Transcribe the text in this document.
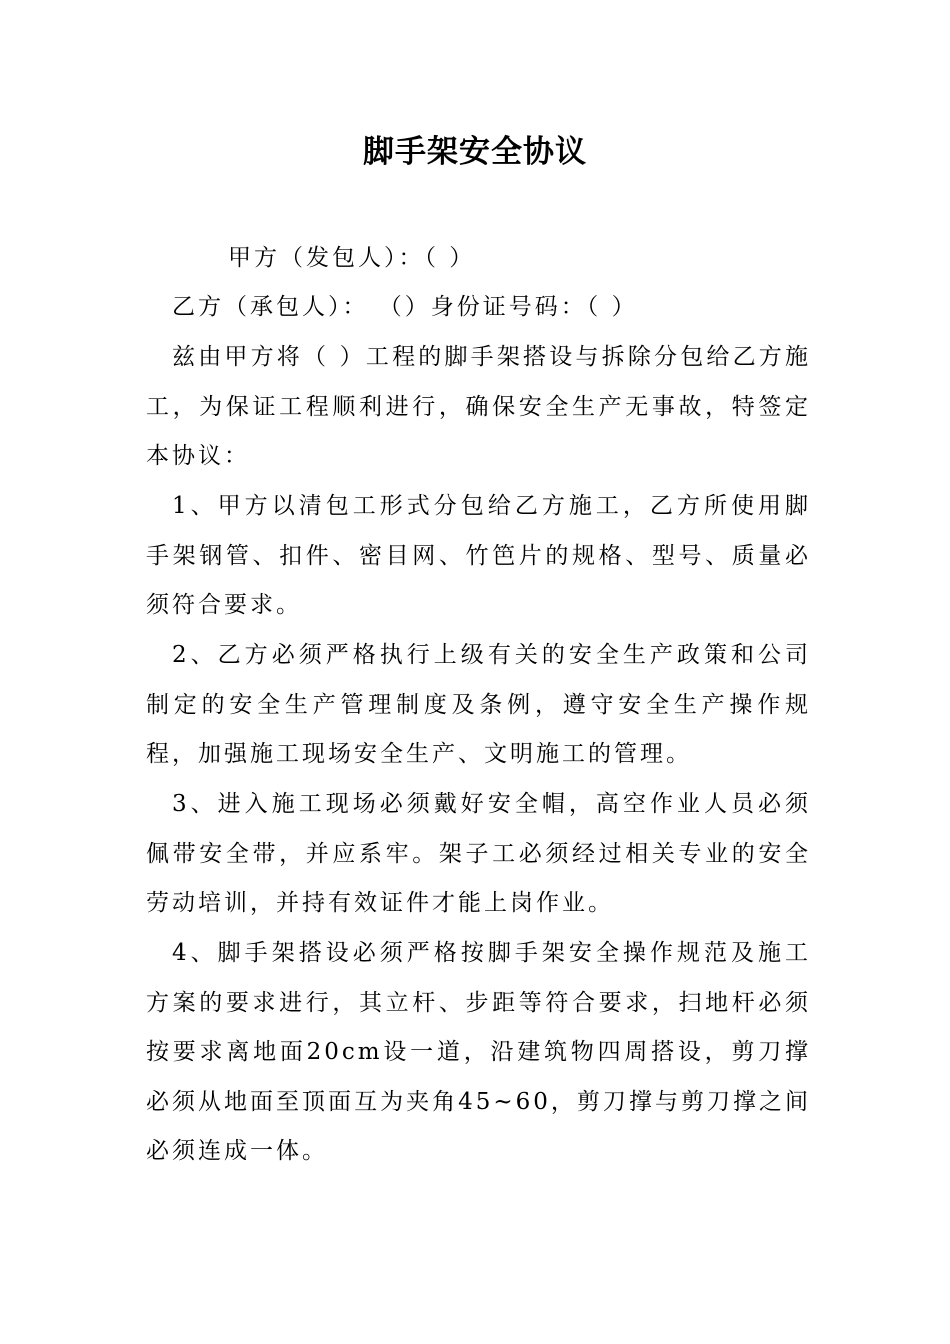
脚手架安全协议
甲方（发包人）：（ ）
乙方（承包人）： （）身份证号码：（ ）

兹由甲方将（ ）工程的脚手架搭设与拆除分包给乙方施工，为保证工程顺利进行，确保安全生产无事故，特签定本协议：

1、甲方以清包工形式分包给乙方施工，乙方所使用脚手架钢管、扣件、密目网、竹笆片的规格、型号、质量必须符合要求。

2、乙方必须严格执行上级有关的安全生产政策和公司制定的安全生产管理制度及条例，遵守安全生产操作规程，加强施工现场安全生产、文明施工的管理。

3、进入施工现场必须戴好安全帽，高空作业人员必须佩带安全带，并应系牢。架子工必须经过相关专业的安全劳动培训，并持有效证件才能上岗作业。

4、脚手架搭设必须严格按脚手架安全操作规范及施工方案的要求进行，其立杆、步距等符合要求，扫地杆必须按要求离地面20cm设一道，沿建筑物四周搭设，剪刀撑必须从地面至顶面互为夹角45~60，剪刀撑与剪刀撑之间必须连成一体。
